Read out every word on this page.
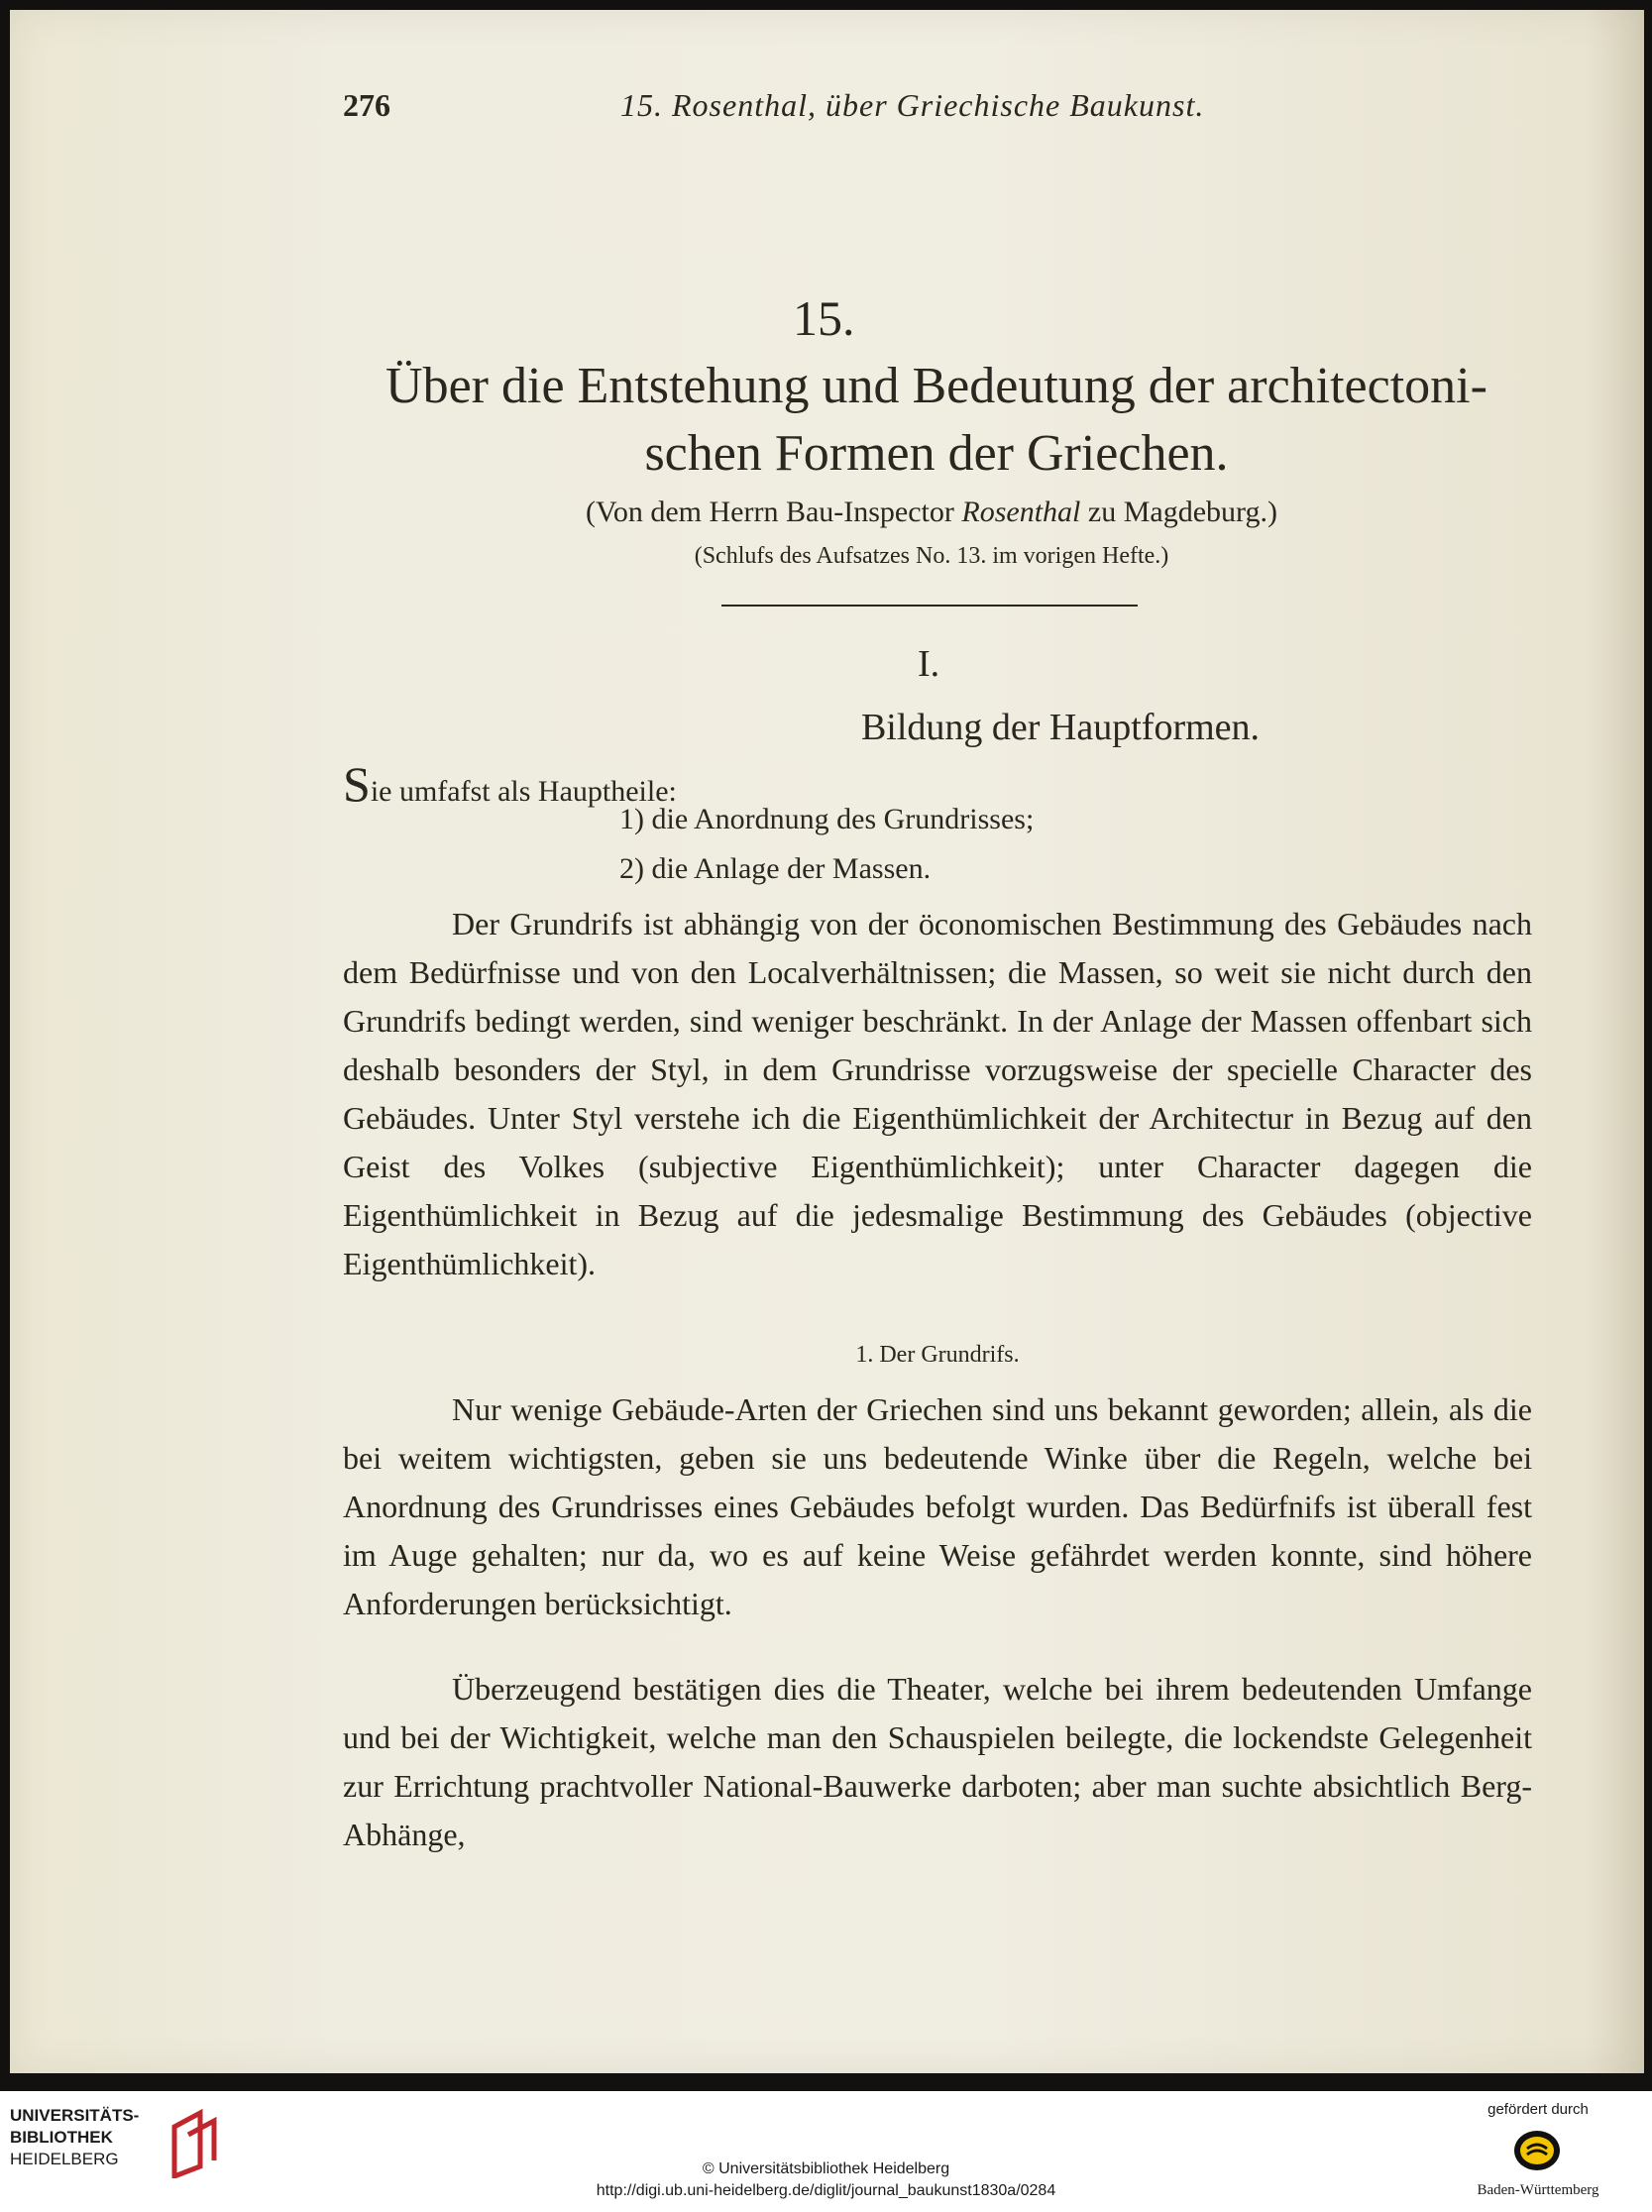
276	15. Rosenthal, über Griechische Baukunst.
15.
Über die Entstehung und Bedeutung der architectoni-
schen Formen der Griechen.
(Von dem Herrn Bau-Inspector Rosenthal zu Magdeburg.)
(Schlufs des Aufsatzes No. 13. im vorigen Hefte.)
I.
Bildung der Hauptformen.
Sie umfafst als Hauptheile:
1) die Anordnung des Grundrisses;
2) die Anlage der Massen.
Der Grundrifs ist abhängig von der öconomischen Bestimmung des Gebäudes nach dem Bedürfnisse und von den Localverhältnissen; die Massen, so weit sie nicht durch den Grundrifs bedingt werden, sind weniger beschränkt. In der Anlage der Massen offenbart sich deshalb besonders der Styl, in dem Grundrisse vorzugsweise der specielle Character des Gebäudes. Unter Styl verstehe ich die Eigenthümlichkeit der Architectur in Bezug auf den Geist des Volkes (subjective Eigenthümlichkeit); unter Character dagegen die Eigenthümlichkeit in Bezug auf die jedesmalige Bestimmung des Gebäudes (objective Eigenthümlichkeit).
1. Der Grundrifs.
Nur wenige Gebäude-Arten der Griechen sind uns bekannt geworden; allein, als die bei weitem wichtigsten, geben sie uns bedeutende Winke über die Regeln, welche bei Anordnung des Grundrisses eines Gebäudes befolgt wurden. Das Bedürfnifs ist überall fest im Auge gehalten; nur da, wo es auf keine Weise gefährdet werden konnte, sind höhere Anforderungen berücksichtigt.
Überzeugend bestätigen dies die Theater, welche bei ihrem bedeutenden Umfange und bei der Wichtigkeit, welche man den Schauspielen beilegte, die lockendste Gelegenheit zur Errichtung prachtvoller National-Bauwerke darboten; aber man suchte absichtlich Berg-Abhänge,
UNIVERSITÄTS-
BIBLIOTHEK
HEIDELBERG
© Universitätsbibliothek Heidelberg
http://digi.ub.uni-heidelberg.de/diglit/journal_baukunst1830a/0284
gefördert durch
Baden-Württemberg
